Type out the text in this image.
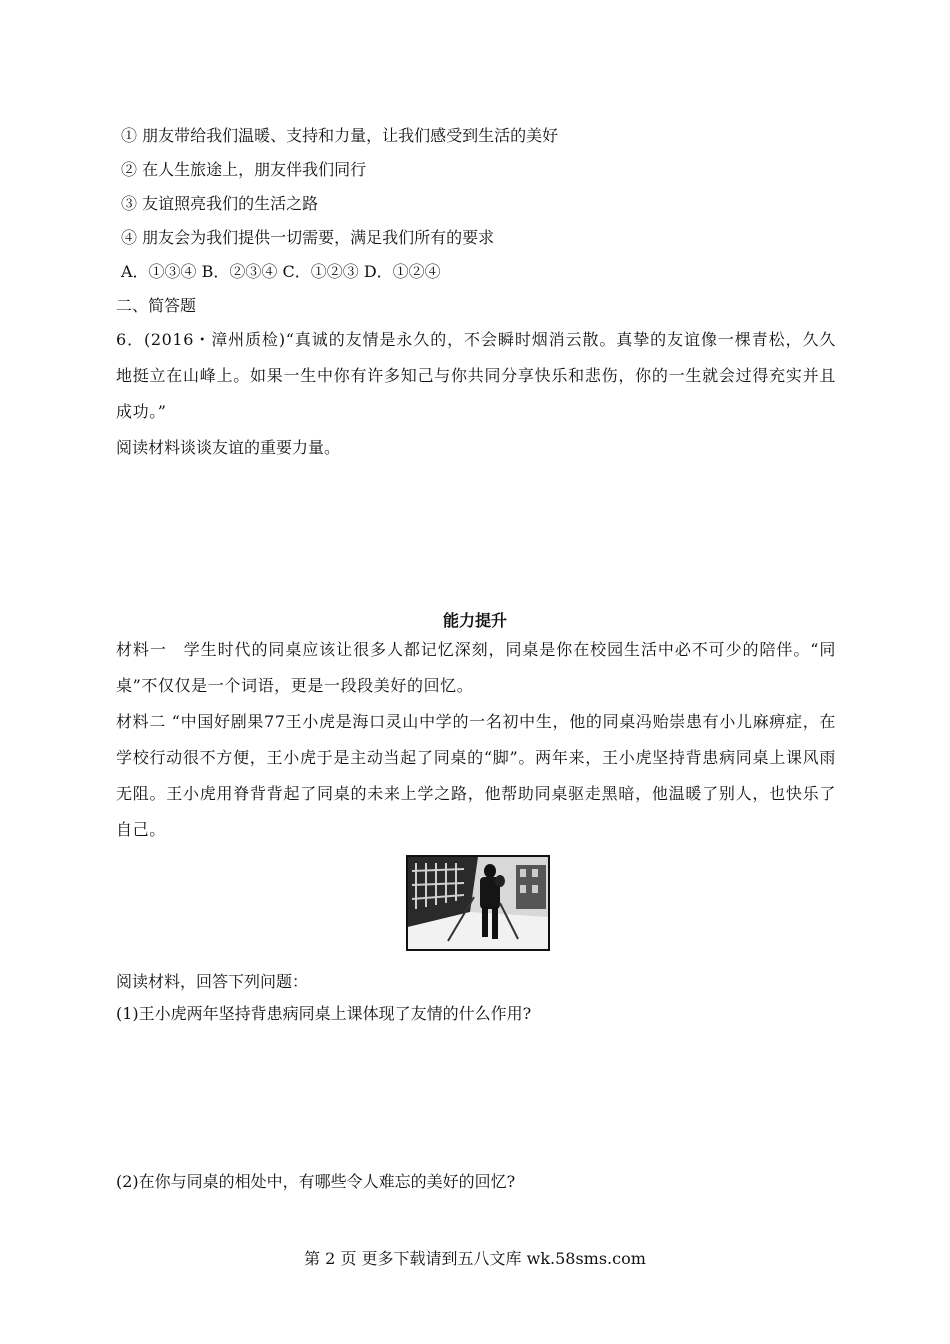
① 朋友带给我们温暖、支持和力量，让我们感受到生活的美好
② 在人生旅途上，朋友伴我们同行
③ 友谊照亮我们的生活之路
④ 朋友会为我们提供一切需要，满足我们所有的要求
A．①③④ B．②③④ C．①②③ D．①②④
二、简答题
6．(2016・漳州质检)“真诚的友情是永久的，不会瞬时烟消云散。真挚的友谊像一棵青松，久久地挺立在山峰上。如果一生中你有许多知己与你共同分享快乐和悲伤，你的一生就会过得充实并且成功。”
阅读材料谈谈友谊的重要力量。
能力提升
材料一　学生时代的同桌应该让很多人都记忆深刻，同桌是你在校园生活中必不可少的陪伴。“同桌”不仅仅是一个词语，更是一段段美好的回忆。
材料二 “中国好剧果77王小虎是海口灵山中学的一名初中生，他的同桌冯贻崇患有小儿麻痹症，在学校行动很不方便，王小虎于是主动当起了同桌的“脚”。两年来，王小虎坚持背患病同桌上课风雨无阻。王小虎用脊背背起了同桌的未来上学之路，他帮助同桌驱走黑暗，他温暖了别人，也快乐了自己。
阅读材料，回答下列问题：
(1)王小虎两年坚持背患病同桌上课体现了友情的什么作用?
(2)在你与同桌的相处中，有哪些令人难忘的美好的回忆?
第 2 页 更多下载请到五八文库 wk.58sms.com
